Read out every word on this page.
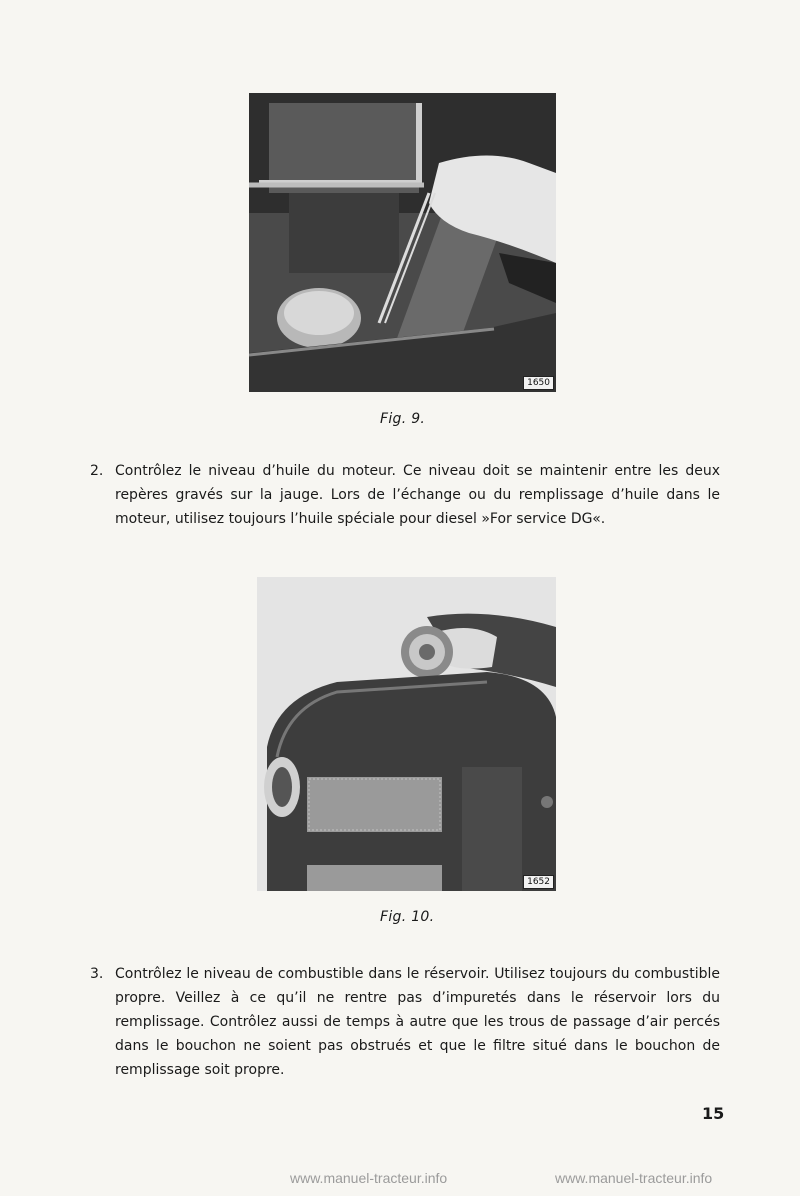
1650
Fig. 9.
2. Contrôlez le niveau d’huile du moteur. Ce niveau doit se maintenir entre les deux repères gravés sur la jauge. Lors de l’échange ou du remplissage d’huile dans le moteur, utilisez toujours l’huile spéciale pour diesel »For service DG«.
1652
Fig. 10.
3. Contrôlez le niveau de combustible dans le réservoir. Utilisez toujours du combustible propre. Veillez à ce qu’il ne rentre pas d’impuretés dans le réservoir lors du remplissage. Contrôlez aussi de temps à autre que les trous de passage d’air percés dans le bouchon ne soient pas obstrués et que le filtre situé dans le bouchon de remplissage soit propre.
15
www.manuel-tracteur.info	www.manuel-tracteur.info
